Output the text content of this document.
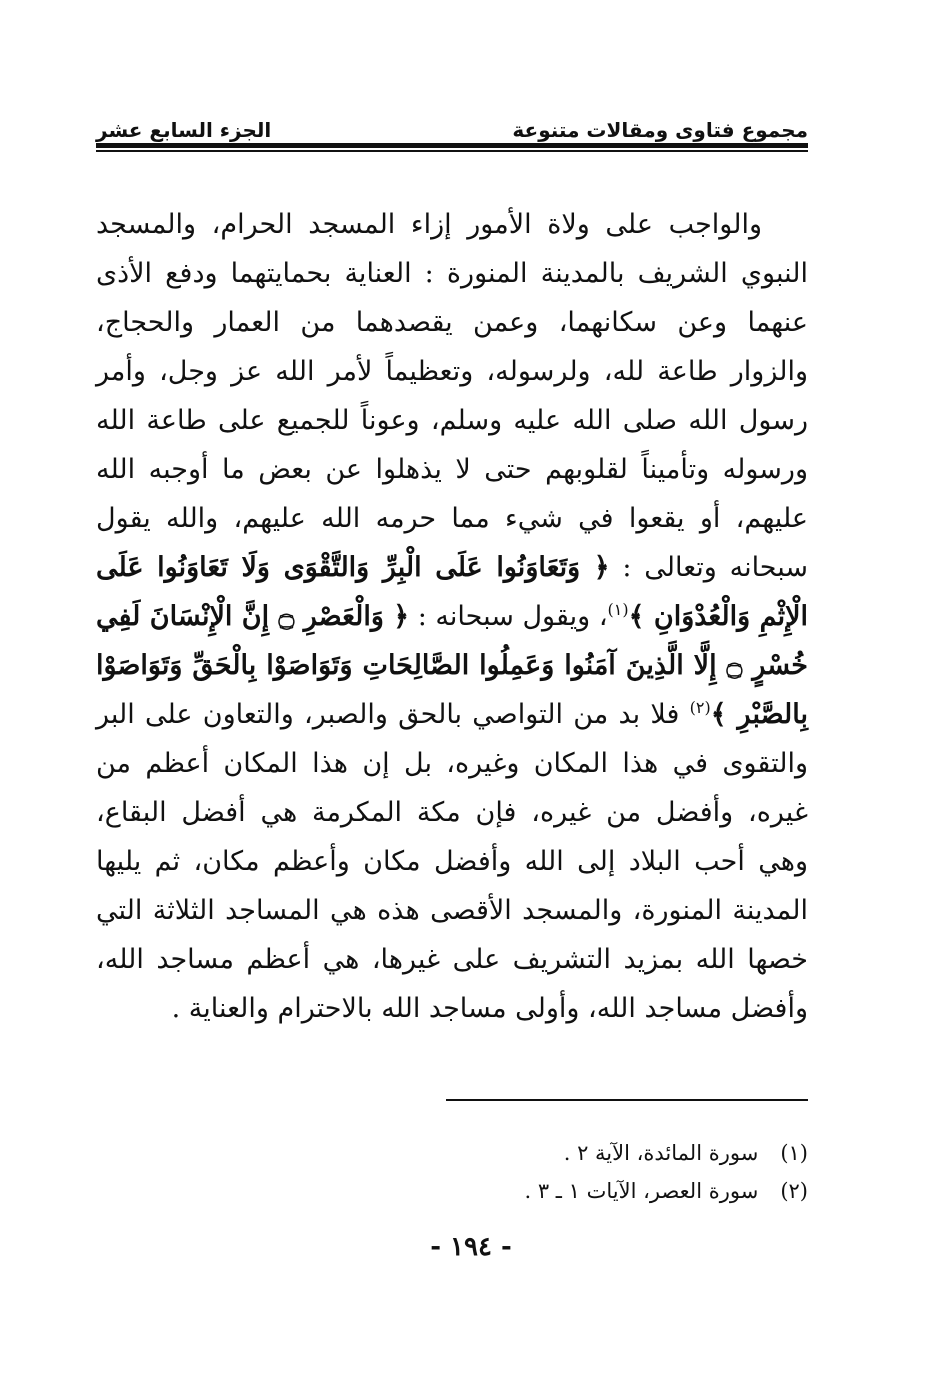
مجموع فتاوى ومقالات متنوعة
الجزء السابع عشر

والواجب على ولاة الأمور إزاء المسجد الحرام، والمسجد النبوي الشريف بالمدينة المنورة : العناية بحمايتهما ودفع الأذى عنهما وعن سكانهما، وعمن يقصدهما من العمار والحجاج، والزوار طاعة لله، ولرسوله، وتعظيماً لأمر الله عز وجل، وأمر رسول الله صلى الله عليه وسلم، وعوناً للجميع على طاعة الله ورسوله وتأميناً لقلوبهم حتى لا يذهلوا عن بعض ما أوجبه الله عليهم، أو يقعوا في شيء مما حرمه الله عليهم، والله يقول سبحانه وتعالى : ﴿ وَتَعَاوَنُوا عَلَى الْبِرِّ وَالتَّقْوَى وَلَا تَعَاوَنُوا عَلَى الْإِثْمِ وَالْعُدْوَانِ ﴾$^{(١)}$، ويقول سبحانه : ﴿ وَالْعَصْرِ ۝ إِنَّ الْإِنْسَانَ لَفِي خُسْرٍ ۝ إِلَّا الَّذِينَ آمَنُوا وَعَمِلُوا الصَّالِحَاتِ وَتَوَاصَوْا بِالْحَقِّ وَتَوَاصَوْا بِالصَّبْرِ ﴾$^{(٢)}$ فلا بد من التواصي بالحق والصبر، والتعاون على البر والتقوى في هذا المكان وغيره، بل إن هذا المكان أعظم من غيره، وأفضل من غيره، فإن مكة المكرمة هي أفضل البقاع، وهي أحب البلاد إلى الله وأفضل مكان وأعظم مكان، ثم يليها المدينة المنورة، والمسجد الأقصى هذه هي المساجد الثلاثة التي خصها الله بمزيد التشريف على غيرها، هي أعظم مساجد الله، وأفضل مساجد الله، وأولى مساجد الله بالاحترام والعناية .

(١)
سورة المائدة، الآية ٢ .
(٢)
سورة العصر، الآيات ١ ـ ٣ .
- ١٩٤ -
